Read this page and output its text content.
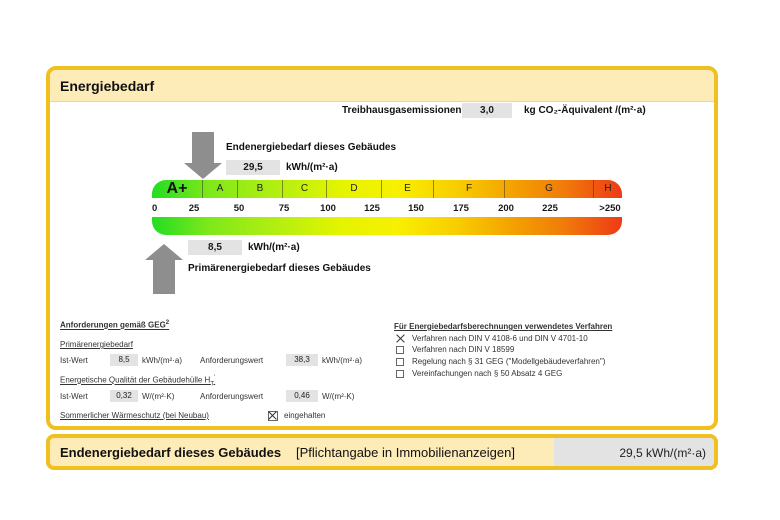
Energiebedarf
Treibhausgasemissionen	3,0	kg CO₂-Äquivalent /(m²·a)
Endenergiebedarf dieses Gebäudes
29,5	kWh/(m²·a)
A+	A	B	C	D	E	F	G	H
0	25	50	75	100	125	150	175	200	225	>250
8,5	kWh/(m²·a)
Primärenergiebedarf dieses Gebäudes
Anforderungen gemäß GEG$^2$
Primärenergiebedarf
Ist-Wert	8,5	kWh/(m²·a) Anforderungswert	38,3	kWh/(m²·a)
Energetische Qualität der Gebäudehülle $H_T'$
Ist-Wert	0,32	W/(m²·K)	Anforderungswert	0,46	W/(m²·K)
Sommerlicher Wärmeschutz (bei Neubau)	eingehalten
Für Energiebedarfsberechnungen verwendetes Verfahren
Verfahren nach DIN V 4108-6 und DIN V 4701-10
Verfahren nach DIN V 18599
Regelung nach § 31 GEG ("Modellgebäudeverfahren")
Vereinfachungen nach § 50 Absatz 4 GEG
Endenergiebedarf dieses Gebäudes [Pflichtangabe in Immobilienanzeigen]	29,5 kWh/(m²·a)
